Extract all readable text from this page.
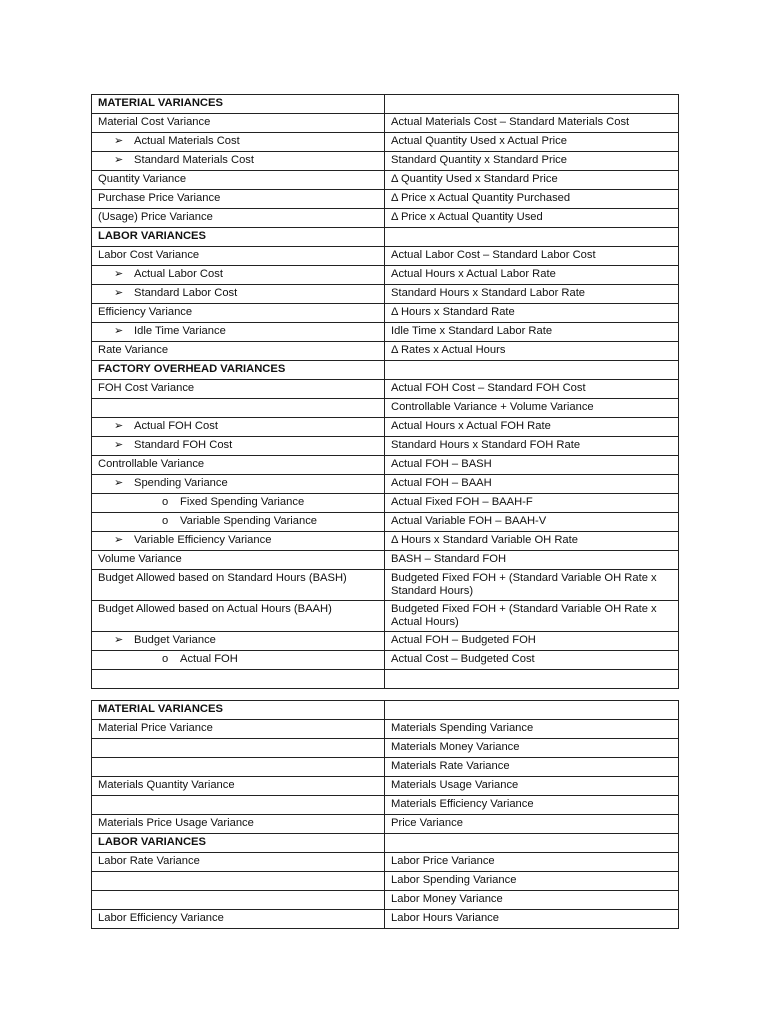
MATERIAL VARIANCES	
Material Cost Variance	Actual Materials Cost – Standard Materials Cost
➢ Actual Materials Cost	Actual Quantity Used x Actual Price
➢ Standard Materials Cost	Standard Quantity x Standard Price
Quantity Variance	Δ Quantity Used x Standard Price
Purchase Price Variance	Δ Price x Actual Quantity Purchased
(Usage) Price Variance	Δ Price x Actual Quantity Used
LABOR VARIANCES	
Labor Cost Variance	Actual Labor Cost – Standard Labor Cost
➢ Actual Labor Cost	Actual Hours x Actual Labor Rate
➢ Standard Labor Cost	Standard Hours x Standard Labor Rate
Efficiency Variance	Δ Hours x Standard Rate
➢ Idle Time Variance	Idle Time x Standard Labor Rate
Rate Variance	Δ Rates x Actual Hours
FACTORY OVERHEAD VARIANCES	
FOH Cost Variance	Actual FOH Cost – Standard FOH Cost
	Controllable Variance + Volume Variance
➢ Actual FOH Cost	Actual Hours x Actual FOH Rate
➢ Standard FOH Cost	Standard Hours x Standard FOH Rate
Controllable Variance	Actual FOH – BASH
➢ Spending Variance	Actual FOH – BAAH
o Fixed Spending Variance	Actual Fixed FOH – BAAH-F
o Variable Spending Variance	Actual Variable FOH – BAAH-V
➢ Variable Efficiency Variance	Δ Hours x Standard Variable OH Rate
Volume Variance	BASH – Standard FOH
Budget Allowed based on Standard Hours (BASH)	Budgeted Fixed FOH + (Standard Variable OH Rate x Standard Hours)
Budget Allowed based on Actual Hours (BAAH)	Budgeted Fixed FOH + (Standard Variable OH Rate x Actual Hours)
➢ Budget Variance	Actual FOH – Budgeted FOH
o Actual FOH	Actual Cost – Budgeted Cost

MATERIAL VARIANCES	
Material Price Variance	Materials Spending Variance
	Materials Money Variance
	Materials Rate Variance
Materials Quantity Variance	Materials Usage Variance
	Materials Efficiency Variance
Materials Price Usage Variance	Price Variance
LABOR VARIANCES	
Labor Rate Variance	Labor Price Variance
	Labor Spending Variance
	Labor Money Variance
Labor Efficiency Variance	Labor Hours Variance
